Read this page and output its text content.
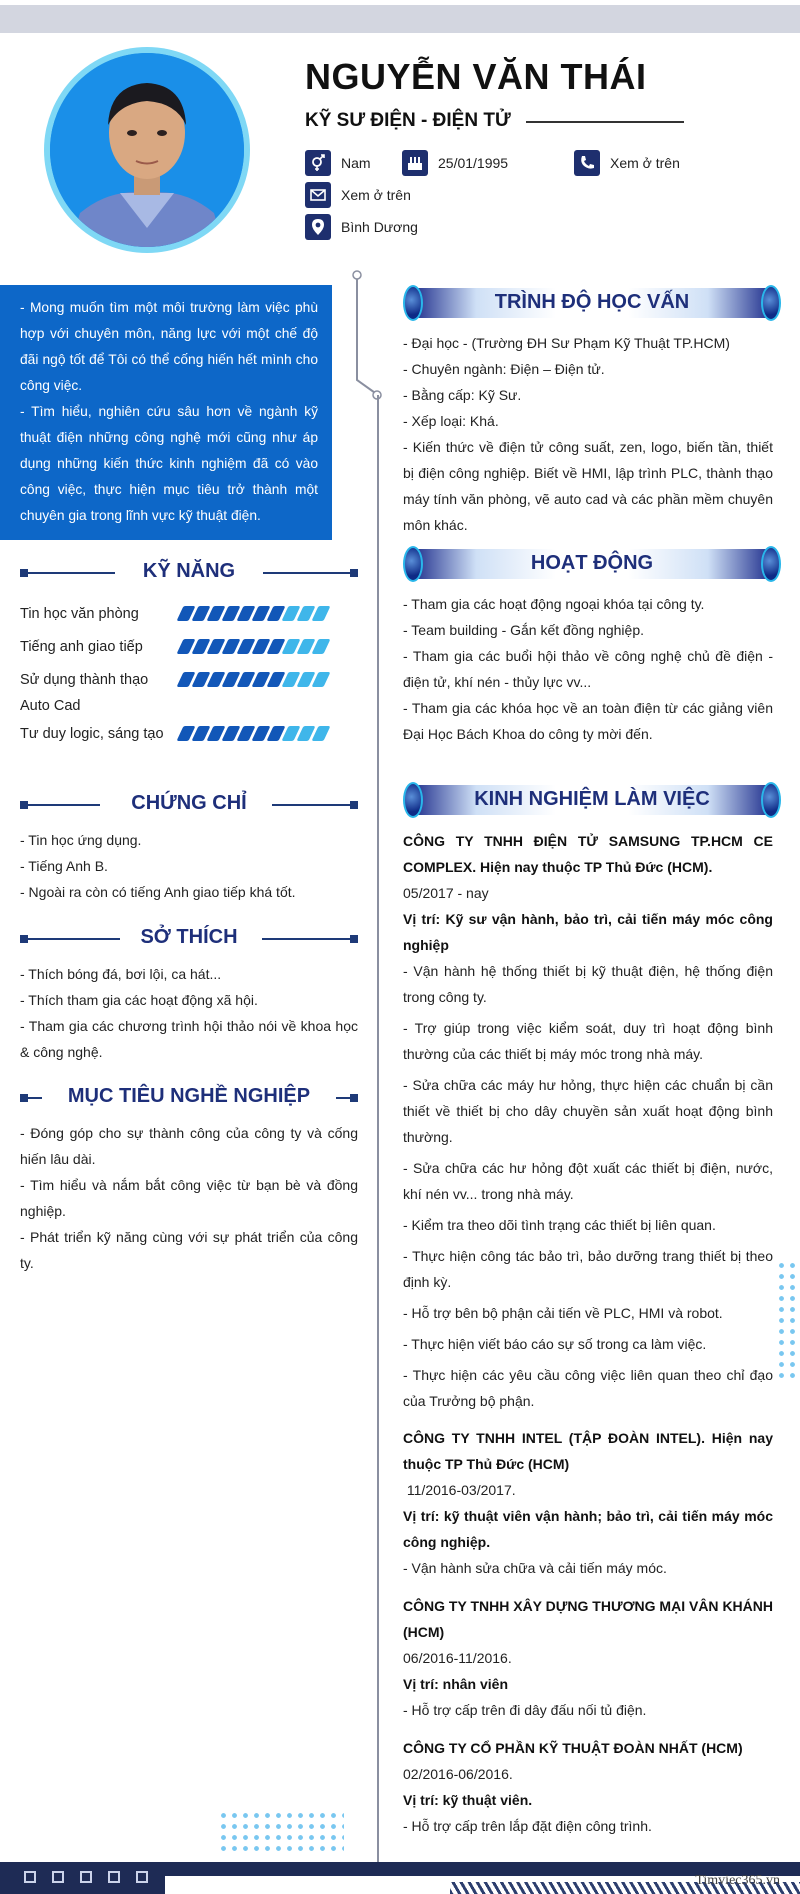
NGUYỄN VĂN THÁI
KỸ SƯ ĐIỆN - ĐIỆN TỬ
Nam	25/01/1995	Xem ở trên
Xem ở trên
Bình Dương
- Mong muốn tìm một môi trường làm việc phù hợp với chuyên môn, năng lực với một chế độ đãi ngộ tốt để Tôi có thể cống hiến hết mình cho công việc.
- Tìm hiểu, nghiên cứu sâu hơn về ngành kỹ thuật điện những công nghệ mới cũng như áp dụng những kiến thức kinh nghiệm đã có vào công việc, thực hiện mục tiêu trở thành một chuyên gia trong lĩnh vực kỹ thuật điện.
KỸ NĂNG
Tin học văn phòng
Tiếng anh giao tiếp
Sử dụng thành thạo Auto Cad
Tư duy logic, sáng tạo
CHỨNG CHỈ
- Tin học ứng dụng.
- Tiếng Anh B.
- Ngoài ra còn có tiếng Anh giao tiếp khá tốt.
SỞ THÍCH
- Thích bóng đá, bơi lội, ca hát...
- Thích tham gia các hoạt động xã hội.
- Tham gia các chương trình hội thảo nói về khoa học & công nghệ.
MỤC TIÊU NGHỀ NGHIỆP
- Đóng góp cho sự thành công của công ty và cống hiến lâu dài.
- Tìm hiểu và nắm bắt công việc từ bạn bè và đồng nghiệp.
- Phát triển kỹ năng cùng với sự phát triển của công ty.
TRÌNH ĐỘ HỌC VẤN

- Đại học - (Trường ĐH Sư Phạm Kỹ Thuật TP.HCM)

- Chuyên ngành: Điện – Điện tử.

- Bằng cấp: Kỹ Sư.

- Xếp loại: Khá.

- Kiến thức về điện tử công suất, zen, logo, biến tần, thiết bị điện công nghiệp. Biết về HMI, lập trình PLC, thành thạo máy tính văn phòng, vẽ auto cad và các phần mềm chuyên môn khác.

HOẠT ĐỘNG

- Tham gia các hoạt động ngoại khóa tại công ty.

- Team building - Gắn kết đồng nghiệp.

- Tham gia các buổi hội thảo về công nghệ chủ đề điện - điện tử, khí nén - thủy lực vv...

- Tham gia các khóa học về an toàn điện từ các giảng viên Đại Học Bách Khoa do công ty mời đến.

KINH NGHIỆM LÀM VIỆC

CÔNG TY TNHH ĐIỆN TỬ SAMSUNG TP.HCM CE COMPLEX. Hiện nay thuộc TP Thủ Đức (HCM).

05/2017 - nay

Vị trí: Kỹ sư vận hành, bảo trì, cải tiến máy móc công nghiệp

- Vận hành hệ thống thiết bị kỹ thuật điện, hệ thống điện trong công ty.

- Trợ giúp trong việc kiểm soát, duy trì hoạt động bình thường của các thiết bị máy móc trong nhà máy.

- Sửa chữa các máy hư hỏng, thực hiện các chuẩn bị cần thiết về thiết bị cho dây chuyền sản xuất hoạt động bình thường.

- Sửa chữa các hư hỏng đột xuất các thiết bị điện, nước, khí nén vv... trong nhà máy.

- Kiểm tra theo dõi tình trạng các thiết bị liên quan.

- Thực hiện công tác bảo trì, bảo dưỡng trang thiết bị theo định kỳ.

- Hỗ trợ bên bộ phận cải tiến về PLC, HMI và robot.

- Thực hiện viết báo cáo sự số trong ca làm việc.

- Thực hiện các yêu cầu công việc liên quan theo chỉ đạo của Trưởng bộ phận.

CÔNG TY TNHH INTEL (TẬP ĐOÀN INTEL). Hiện nay thuộc TP Thủ Đức (HCM)

11/2016-03/2017.

Vị trí: kỹ thuật viên vận hành; bảo trì, cải tiến máy móc công nghiệp.

- Vận hành sửa chữa và cải tiến máy móc.

CÔNG TY TNHH XÂY DỰNG THƯƠNG MẠI VÂN KHÁNH (HCM)

06/2016-11/2016.

Vị trí: nhân viên

- Hỗ trợ cấp trên đi dây đấu nối tủ điện.

CÔNG TY CỔ PHẦN KỸ THUẬT ĐOÀN NHẤT (HCM)

02/2016-06/2016.

Vị trí: kỹ thuật viên.

- Hỗ trợ cấp trên lắp đặt điện công trình.

Timviec365.vn
